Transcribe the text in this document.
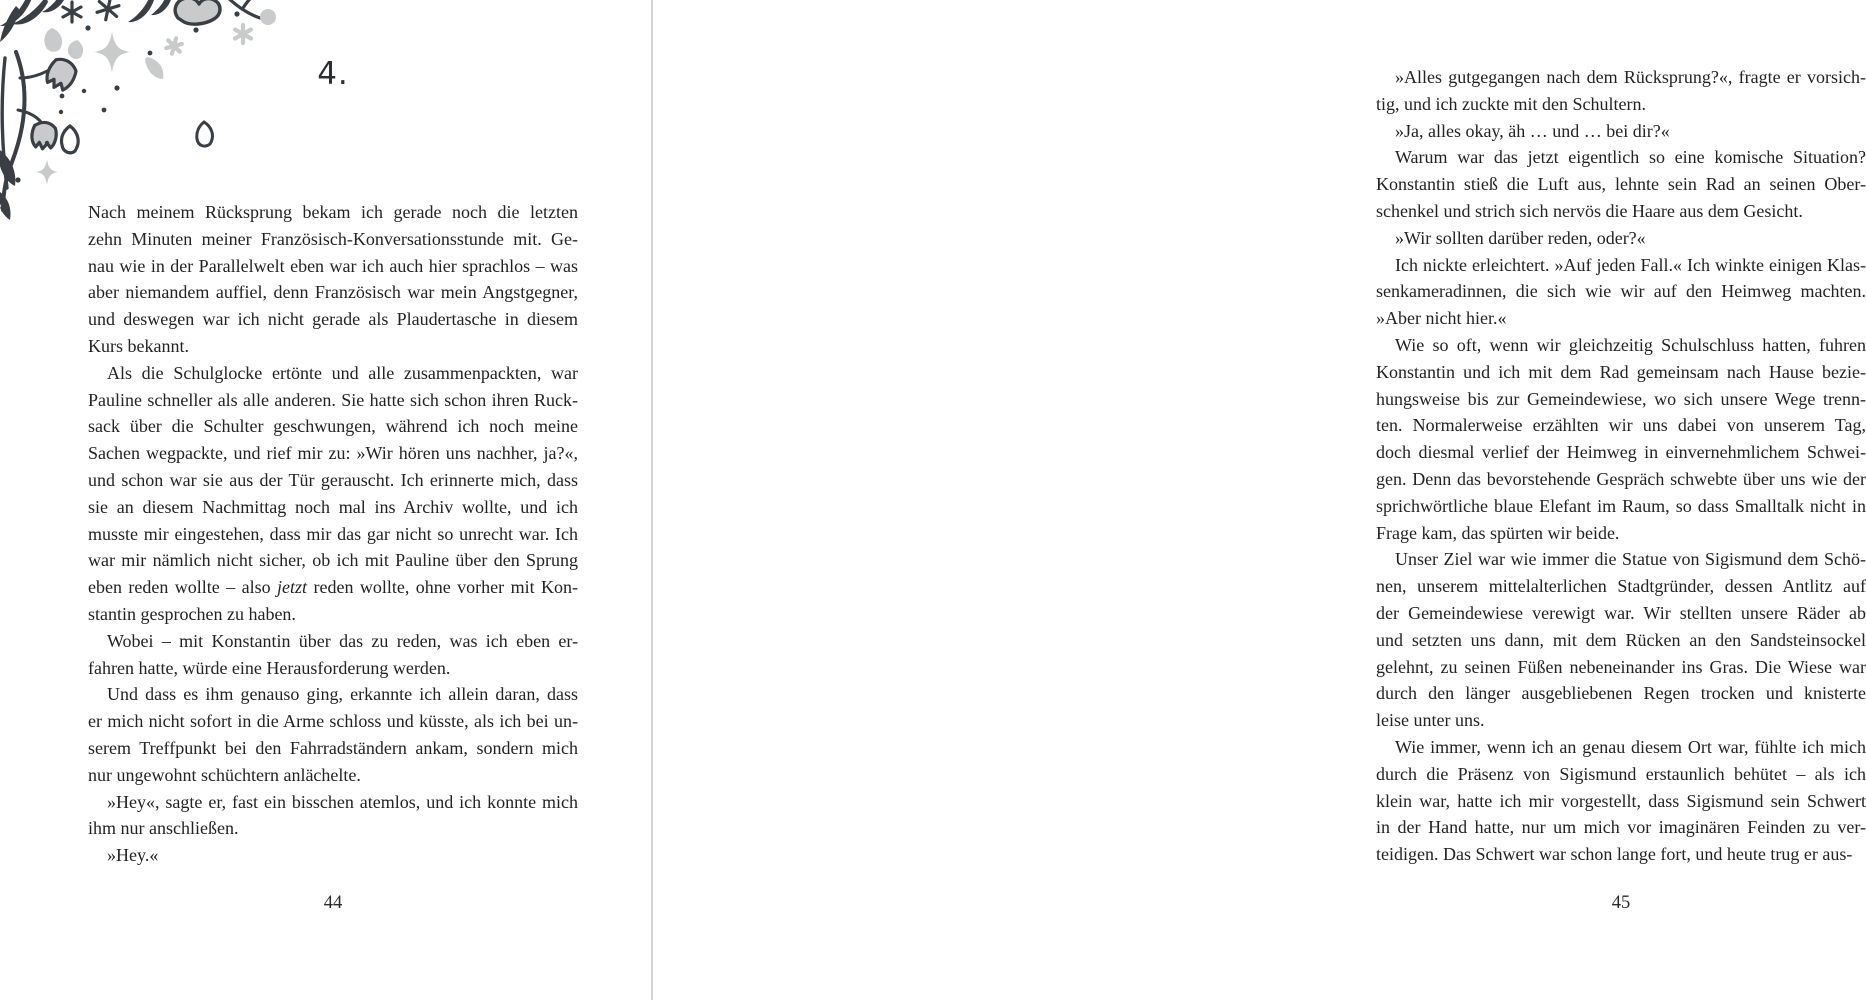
4.
Nach meinem Rücksprung bekam ich gerade noch die letzten
zehn Minuten meiner Französisch-Konversationsstunde mit. Ge-
nau wie in der Parallelwelt eben war ich auch hier sprachlos – was
aber niemandem auffiel, denn Französisch war mein Angstgegner,
und deswegen war ich nicht gerade als Plaudertasche in diesem
Kurs bekannt.
Als die Schulglocke ertönte und alle zusammenpackten, war
Pauline schneller als alle anderen. Sie hatte sich schon ihren Ruck-
sack über die Schulter geschwungen, während ich noch meine
Sachen wegpackte, und rief mir zu: »Wir hören uns nachher, ja?«,
und schon war sie aus der Tür gerauscht. Ich erinnerte mich, dass
sie an diesem Nachmittag noch mal ins Archiv wollte, und ich
musste mir eingestehen, dass mir das gar nicht so unrecht war. Ich
war mir nämlich nicht sicher, ob ich mit Pauline über den Sprung
eben reden wollte – also jetzt reden wollte, ohne vorher mit Kon-
stantin gesprochen zu haben.
Wobei – mit Konstantin über das zu reden, was ich eben er-
fahren hatte, würde eine Herausforderung werden.
Und dass es ihm genauso ging, erkannte ich allein daran, dass
er mich nicht sofort in die Arme schloss und küsste, als ich bei un-
serem Treffpunkt bei den Fahrradständern ankam, sondern mich
nur ungewohnt schüchtern anlächelte.
»Hey«, sagte er, fast ein bisschen atemlos, und ich konnte mich
ihm nur anschließen.
»Hey.«
44
»Alles gutgegangen nach dem Rücksprung?«, fragte er vorsich-
tig, und ich zuckte mit den Schultern.
»Ja, alles okay, äh … und … bei dir?«
Warum war das jetzt eigentlich so eine komische Situation?
Konstantin stieß die Luft aus, lehnte sein Rad an seinen Ober-
schenkel und strich sich nervös die Haare aus dem Gesicht.
»Wir sollten darüber reden, oder?«
Ich nickte erleichtert. »Auf jeden Fall.« Ich winkte einigen Klas-
senkameradinnen, die sich wie wir auf den Heimweg machten.
»Aber nicht hier.«
Wie so oft, wenn wir gleichzeitig Schulschluss hatten, fuhren
Konstantin und ich mit dem Rad gemeinsam nach Hause bezie-
hungsweise bis zur Gemeindewiese, wo sich unsere Wege trenn-
ten. Normalerweise erzählten wir uns dabei von unserem Tag,
doch diesmal verlief der Heimweg in einvernehmlichem Schwei-
gen. Denn das bevorstehende Gespräch schwebte über uns wie der
sprichwörtliche blaue Elefant im Raum, so dass Smalltalk nicht in
Frage kam, das spürten wir beide.
Unser Ziel war wie immer die Statue von Sigismund dem Schö-
nen, unserem mittelalterlichen Stadtgründer, dessen Antlitz auf
der Gemeindewiese verewigt war. Wir stellten unsere Räder ab
und setzten uns dann, mit dem Rücken an den Sandsteinsockel
gelehnt, zu seinen Füßen nebeneinander ins Gras. Die Wiese war
durch den länger ausgebliebenen Regen trocken und knisterte
leise unter uns.
Wie immer, wenn ich an genau diesem Ort war, fühlte ich mich
durch die Präsenz von Sigismund erstaunlich behütet – als ich
klein war, hatte ich mir vorgestellt, dass Sigismund sein Schwert
in der Hand hatte, nur um mich vor imaginären Feinden zu ver-
teidigen. Das Schwert war schon lange fort, und heute trug er aus-
45
